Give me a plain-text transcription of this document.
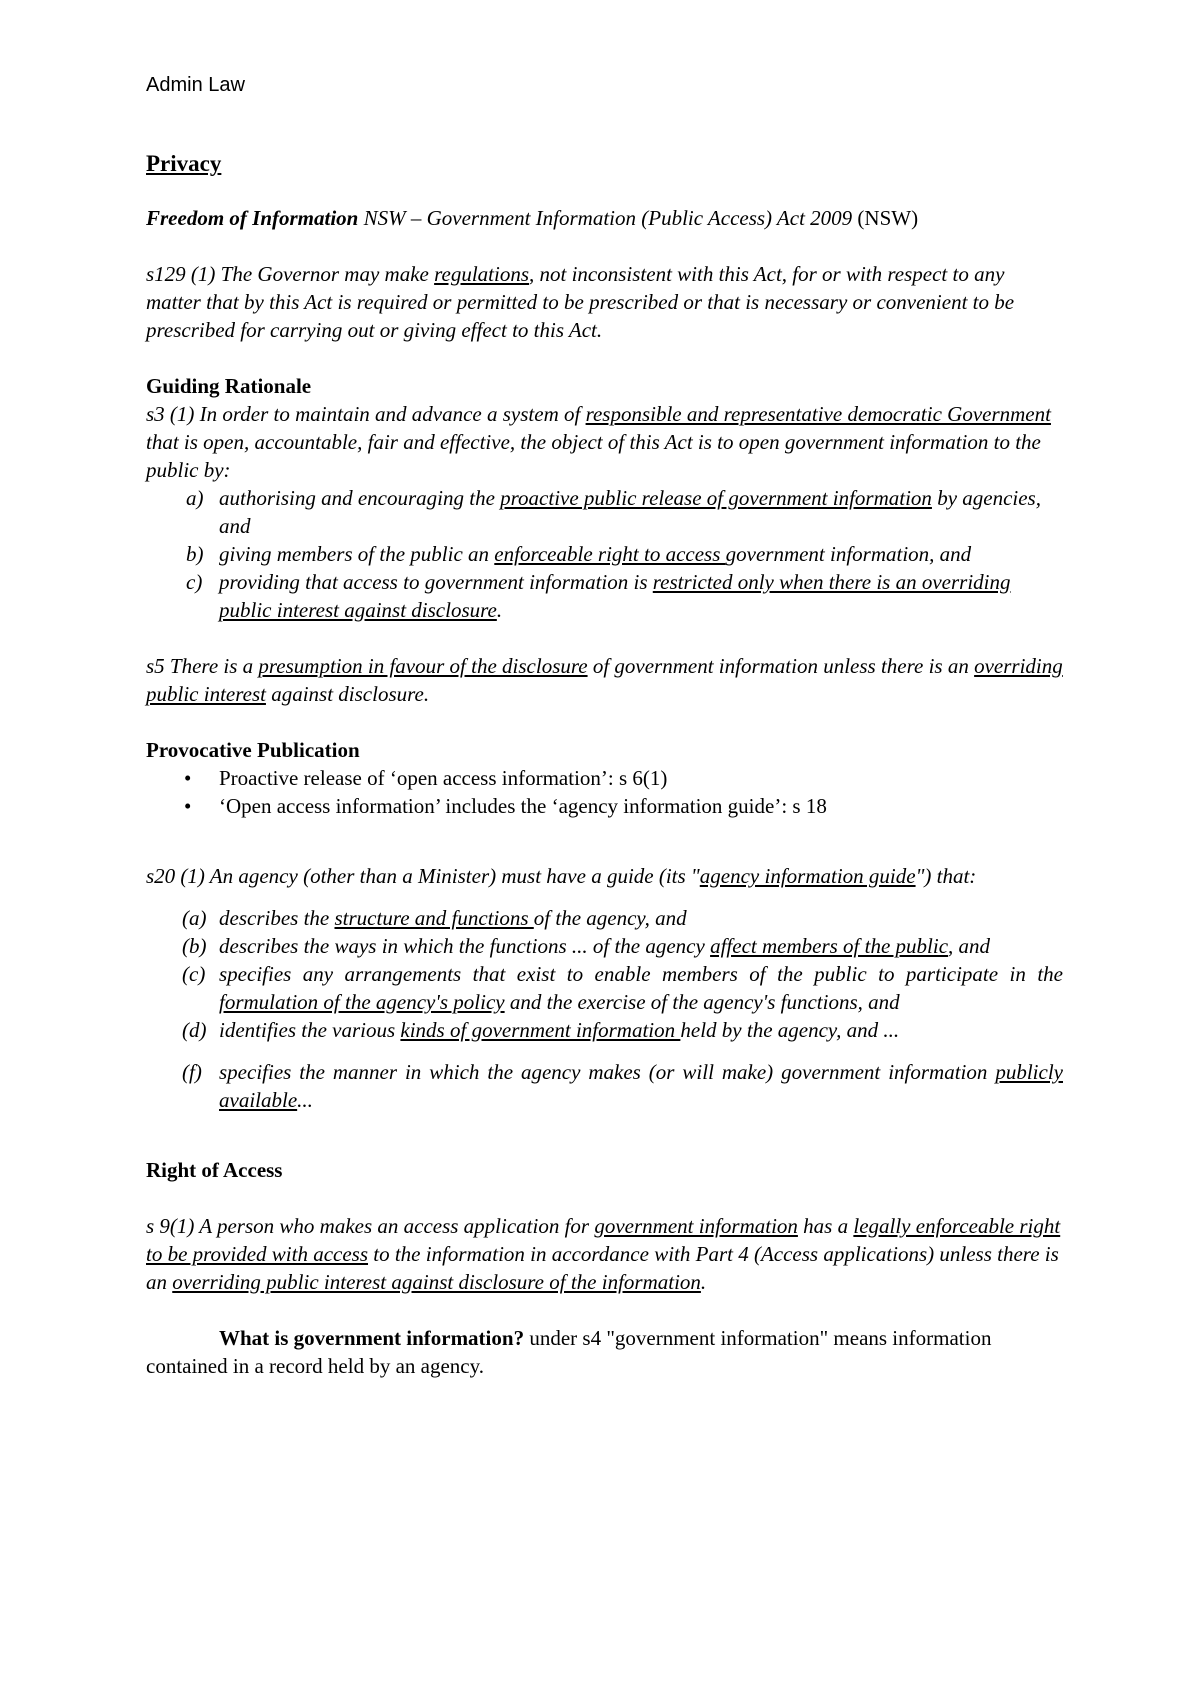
Admin Law

Privacy

Freedom of Information NSW – Government Information (Public Access) Act 2009 (NSW)

s129 (1) The Governor may make regulations, not inconsistent with this Act, for or with respect to any matter that by this Act is required or permitted to be prescribed or that is necessary or convenient to be prescribed for carrying out or giving effect to this Act.

Guiding Rationale

s3 (1) In order to maintain and advance a system of responsible and representative democratic Government that is open, accountable, fair and effective, the object of this Act is to open government information to the public by:

a) authorising and encouraging the proactive public release of government information by agencies, and
b) giving members of the public an enforceable right to access government information, and
c) providing that access to government information is restricted only when there is an overriding public interest against disclosure.

s5 There is a presumption in favour of the disclosure of government information unless there is an overriding public interest against disclosure.

Provocative Publication

•	Proactive release of ‘open access information’: s 6(1)
•	‘Open access information’ includes the ‘agency information guide’: s 18

s20 (1) An agency (other than a Minister) must have a guide (its "agency information guide") that:

(a) describes the structure and functions of the agency, and
(b) describes the ways in which the functions ... of the agency affect members of the public, and
(c) specifies any arrangements that exist to enable members of the public to participate in the formulation of the agency's policy and the exercise of the agency's functions, and
(d) identifies the various kinds of government information held by the agency, and ...
(f) specifies the manner in which the agency makes (or will make) government information publicly available...

Right of Access

s 9(1) A person who makes an access application for government information has a legally enforceable right to be provided with access to the information in accordance with Part 4 (Access applications) unless there is an overriding public interest against disclosure of the information.

What is government information? under s4 "government information" means information contained in a record held by an agency.
